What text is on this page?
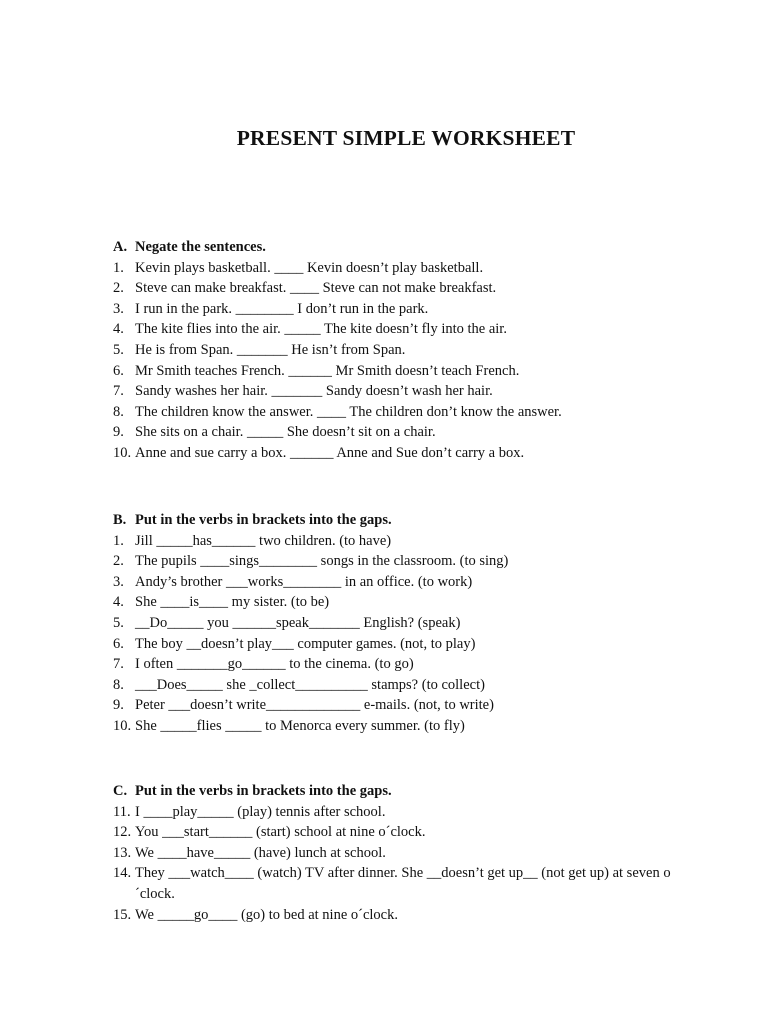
PRESENT SIMPLE WORKSHEET
A. Negate the sentences.
1. Kevin plays basketball. ____ Kevin doesn’t play basketball.
2. Steve can make breakfast. ____ Steve can not make breakfast.
3. I run in the park. ________ I don’t run in the park.
4. The kite flies into the air. _____ The kite doesn’t fly into the air.
5. He is from Span. _______ He isn’t from Span.
6. Mr Smith teaches French. ______ Mr Smith doesn’t teach French.
7. Sandy washes her hair. _______ Sandy doesn’t wash her hair.
8. The children know the answer. ____ The children don’t know the answer.
9. She sits on a chair. _____ She doesn’t sit on a chair.
10. Anne and sue carry a box. ______ Anne and Sue don’t carry a box.
B. Put in the verbs in brackets into the gaps.
1. Jill _____has______ two children. (to have)
2. The pupils ____sings________ songs in the classroom. (to sing)
3. Andy’s brother ___works________ in an office. (to work)
4. She ____is____ my sister. (to be)
5. __Do_____ you ______speak_______ English? (speak)
6. The boy __doesn’t play___ computer games. (not, to play)
7. I often _______go______ to the cinema. (to go)
8. ___Does_____ she _collect__________ stamps? (to collect)
9. Peter ___doesn’t write_____________ e-mails. (not, to write)
10. She _____flies _____ to Menorca every summer. (to fly)
C. Put in the verbs in brackets into the gaps.
11. I ____play_____ (play) tennis after school.
12. You ___start______ (start) school at nine o´clock.
13. We ____have_____ (have) lunch at school.
14. They ___watch____ (watch) TV after dinner. She __doesn’t get up__ (not get up) at seven o´clock.
15. We _____go____ (go) to bed at nine o´clock.
